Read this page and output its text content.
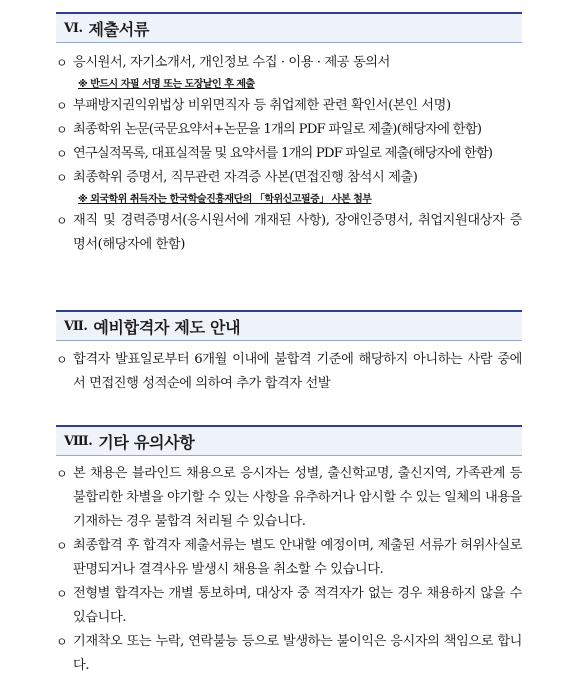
Ⅵ. 제출서류
ㅇ 응시원서, 자기소개서, 개인정보 수집 · 이용 · 제공 동의서
※ 반드시 자필 서명 또는 도장날인 후 제출
ㅇ 부패방지권익위법상 비위면직자 등 취업제한 관련 확인서(본인 서명)
ㅇ 최종학위 논문(국문요약서+논문을 1개의 PDF 파일로 제출)(해당자에 한함)
ㅇ 연구실적목록, 대표실적물 및 요약서를 1개의 PDF 파일로 제출(해당자에 한함)
ㅇ 최종학위 증명서, 직무관련 자격증 사본(면접진행 참석시 제출)
※ 외국학위 취득자는 한국학술진흥재단의 「학위신고필증」 사본 첨부
ㅇ 재직 및 경력증명서(응시원서에 개재된 사항), 장애인증명서, 취업지원대상자 증명서(해당자에 한함)
Ⅶ. 예비합격자 제도 안내
ㅇ 합격자 발표일로부터 6개월 이내에 불합격 기준에 해당하지 아니하는 사람 중에서 면접진행 성적순에 의하여 추가 합격자 선발
Ⅷ. 기타 유의사항
ㅇ 본 채용은 블라인드 채용으로 응시자는 성별, 출신학교명, 출신지역, 가족관계 등 불합리한 차별을 야기할 수 있는 사항을 유추하거나 암시할 수 있는 일체의 내용을 기재하는 경우 불합격 처리될 수 있습니다.
ㅇ 최종합격 후 합격자 제출서류는 별도 안내할 예정이며, 제출된 서류가 허위사실로 판명되거나 결격사유 발생시 채용을 취소할 수 있습니다.
ㅇ 전형별 합격자는 개별 통보하며, 대상자 중 적격자가 없는 경우 채용하지 않을 수 있습니다.
ㅇ 기재착오 또는 누락, 연락불능 등으로 발생하는 불이익은 응시자의 책임으로 합니다.
